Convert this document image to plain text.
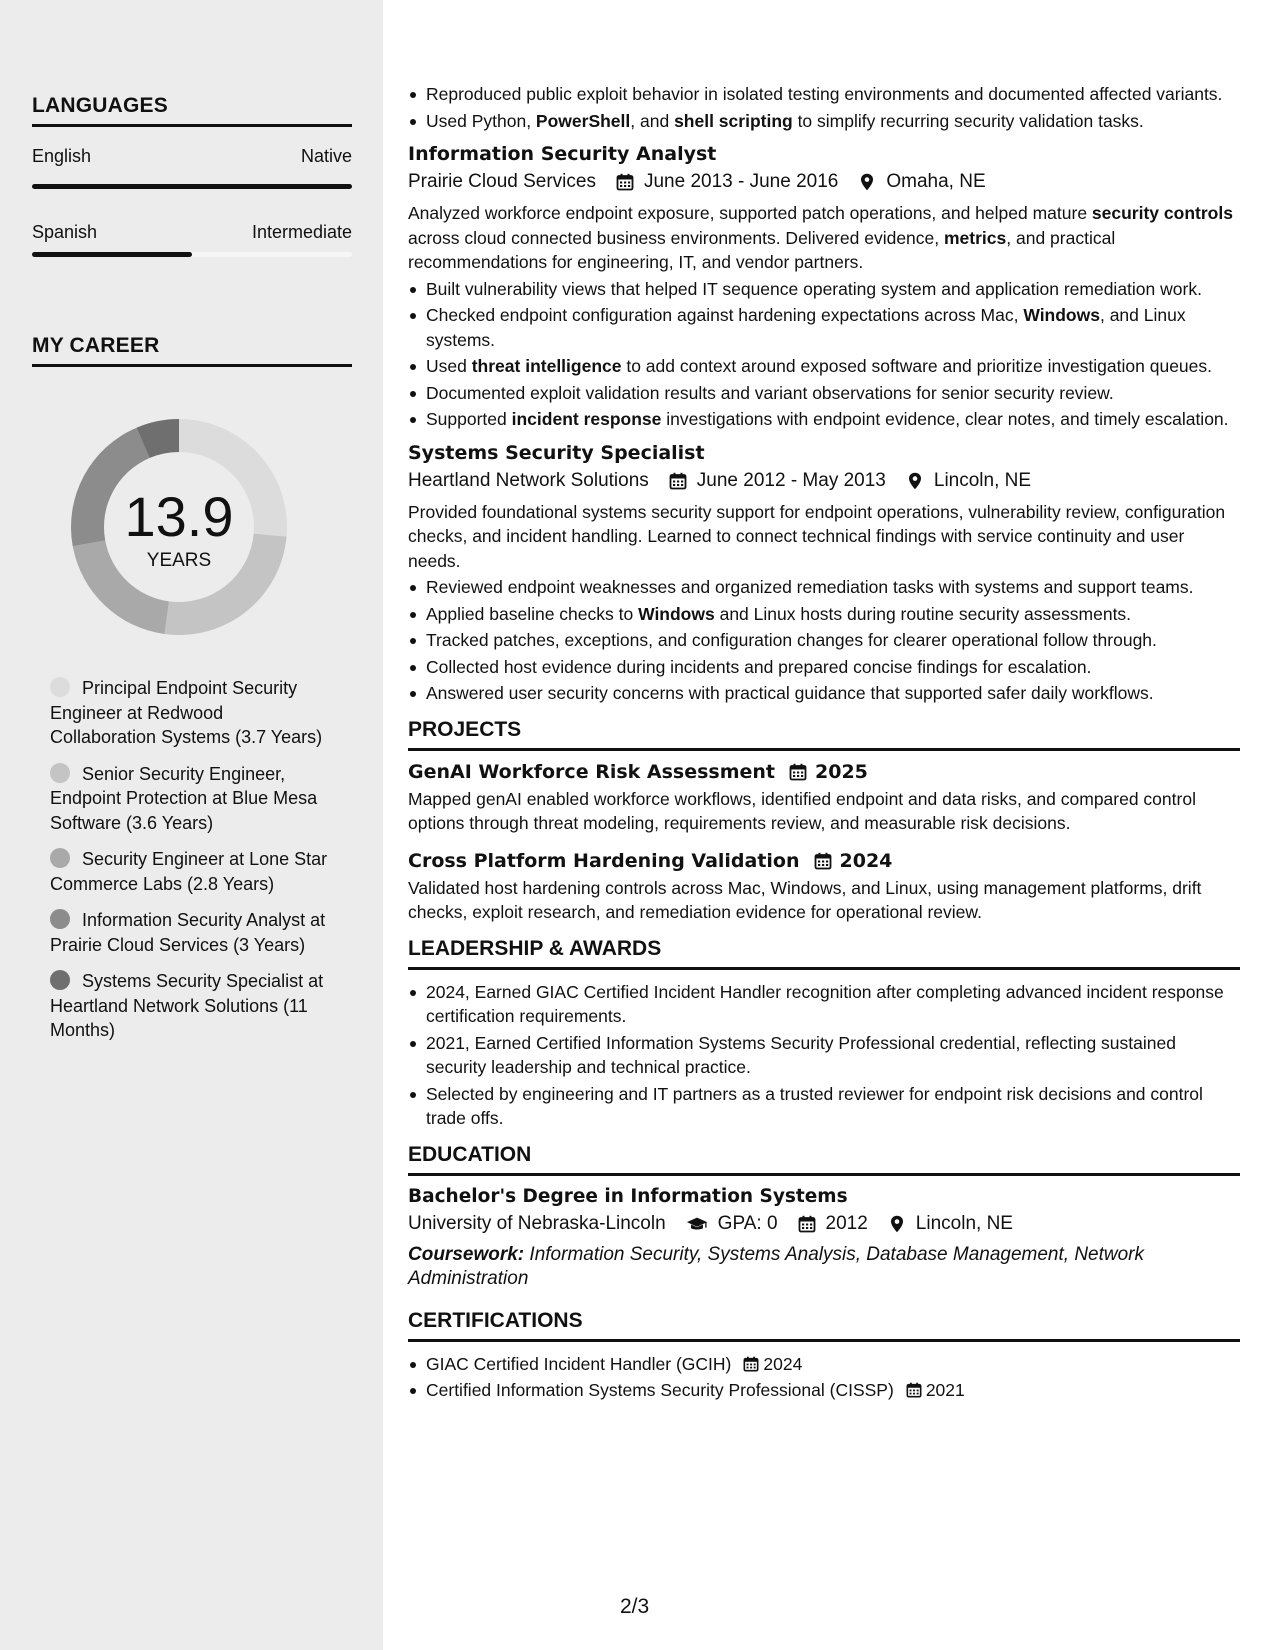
LANGUAGES
English	Native
Spanish	Intermediate
MY CAREER
13.9
YEARS
Principal Endpoint Security Engineer at Redwood Collaboration Systems (3.7 Years)
Senior Security Engineer, Endpoint Protection at Blue Mesa Software (3.6 Years)
Security Engineer at Lone Star Commerce Labs (2.8 Years)
Information Security Analyst at Prairie Cloud Services (3 Years)
Systems Security Specialist at Heartland Network Solutions (11 Months)
Reproduced public exploit behavior in isolated testing environments and documented affected variants.
Used Python, PowerShell, and shell scripting to simplify recurring security validation tasks.
Information Security Analyst
Prairie Cloud Services	June 2013 - June 2016	Omaha, NE
Analyzed workforce endpoint exposure, supported patch operations, and helped mature security controls across cloud connected business environments. Delivered evidence, metrics, and practical recommendations for engineering, IT, and vendor partners.
Built vulnerability views that helped IT sequence operating system and application remediation work.
Checked endpoint configuration against hardening expectations across Mac, Windows, and Linux systems.
Used threat intelligence to add context around exposed software and prioritize investigation queues.
Documented exploit validation results and variant observations for senior security review.
Supported incident response investigations with endpoint evidence, clear notes, and timely escalation.
Systems Security Specialist
Heartland Network Solutions	June 2012 - May 2013	Lincoln, NE
Provided foundational systems security support for endpoint operations, vulnerability review, configuration checks, and incident handling. Learned to connect technical findings with service continuity and user needs.
Reviewed endpoint weaknesses and organized remediation tasks with systems and support teams.
Applied baseline checks to Windows and Linux hosts during routine security assessments.
Tracked patches, exceptions, and configuration changes for clearer operational follow through.
Collected host evidence during incidents and prepared concise findings for escalation.
Answered user security concerns with practical guidance that supported safer daily workflows.
PROJECTS
GenAI Workforce Risk Assessment 2025
Mapped genAI enabled workforce workflows, identified endpoint and data risks, and compared control options through threat modeling, requirements review, and measurable risk decisions.
Cross Platform Hardening Validation 2024
Validated host hardening controls across Mac, Windows, and Linux, using management platforms, drift checks, exploit research, and remediation evidence for operational review.
LEADERSHIP & AWARDS
2024, Earned GIAC Certified Incident Handler recognition after completing advanced incident response certification requirements.
2021, Earned Certified Information Systems Security Professional credential, reflecting sustained security leadership and technical practice.
Selected by engineering and IT partners as a trusted reviewer for endpoint risk decisions and control trade offs.
EDUCATION
Bachelor's Degree in Information Systems
University of Nebraska-Lincoln	GPA: 0	2012	Lincoln, NE
Coursework: Information Security, Systems Analysis, Database Management, Network Administration
CERTIFICATIONS
GIAC Certified Incident Handler (GCIH) 2024
Certified Information Systems Security Professional (CISSP) 2021
2/3
